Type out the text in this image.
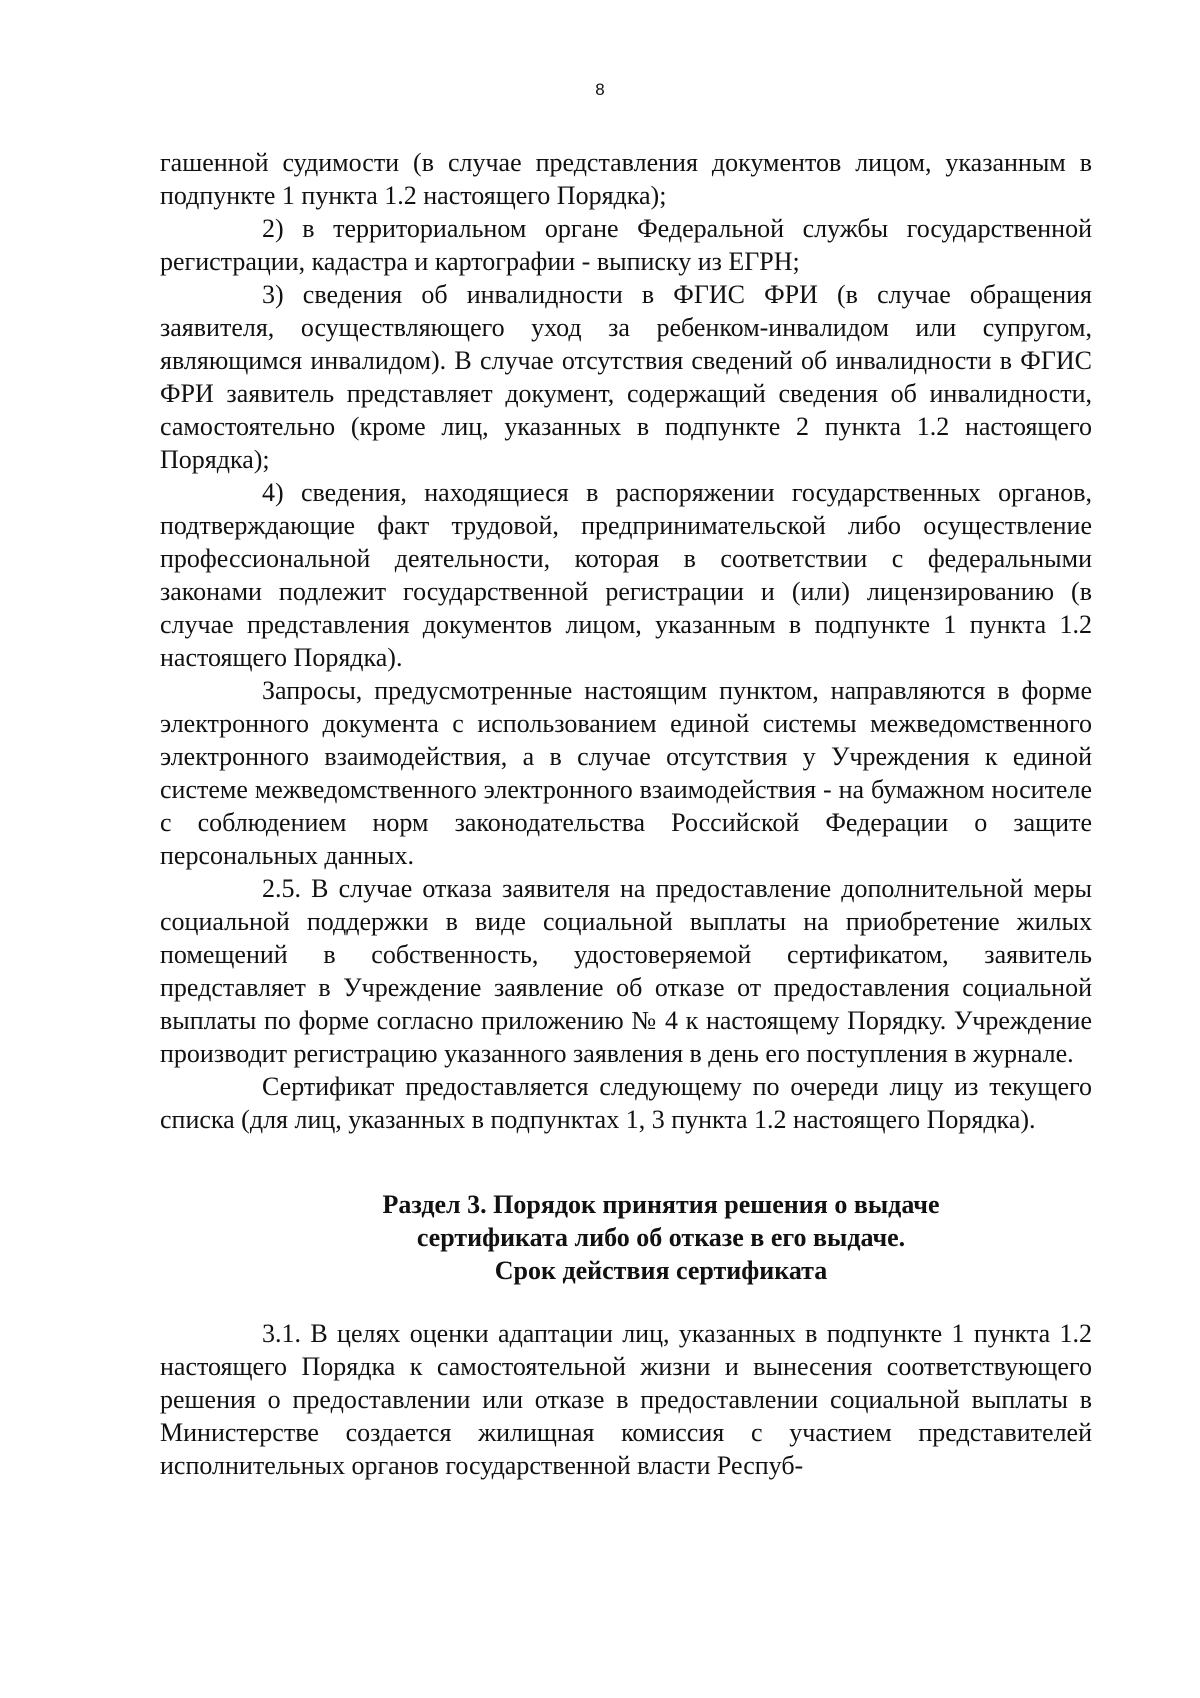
8

гашенной судимости (в случае представления документов лицом, указанным в подпункте 1 пункта 1.2 настоящего Порядка);

2) в территориальном органе Федеральной службы государственной регистрации, кадастра и картографии - выписку из ЕГРН;

3) сведения об инвалидности в ФГИС ФРИ (в случае обращения заявителя, осуществляющего уход за ребенком-инвалидом или супругом, являющимся инвалидом). В случае отсутствия сведений об инвалидности в ФГИС ФРИ заявитель представляет документ, содержащий сведения об инвалидности, самостоятельно (кроме лиц, указанных в подпункте 2 пункта 1.2 настоящего Порядка);

4) сведения, находящиеся в распоряжении государственных органов, подтверждающие факт трудовой, предпринимательской либо осуществление профессиональной деятельности, которая в соответствии с федеральными законами подлежит государственной регистрации и (или) лицензированию (в случае представления документов лицом, указанным в подпункте 1 пункта 1.2 настоящего Порядка).

Запросы, предусмотренные настоящим пунктом, направляются в форме электронного документа с использованием единой системы межведомственного электронного взаимодействия, а в случае отсутствия у Учреждения к единой системе межведомственного электронного взаимодействия - на бумажном носителе с соблюдением норм законодательства Российской Федерации о защите персональных данных.

2.5. В случае отказа заявителя на предоставление дополнительной меры социальной поддержки в виде социальной выплаты на приобретение жилых помещений в собственность, удостоверяемой сертификатом, заявитель представляет в Учреждение заявление об отказе от предоставления социальной выплаты по форме согласно приложению № 4 к настоящему Порядку. Учреждение производит регистрацию указанного заявления в день его поступления в журнале.

Сертификат предоставляется следующему по очереди лицу из текущего списка (для лиц, указанных в подпунктах 1, 3 пункта 1.2 настоящего Порядка).

Раздел 3. Порядок принятия решения о выдаче
сертификата либо об отказе в его выдаче.
Срок действия сертификата

3.1. В целях оценки адаптации лиц, указанных в подпункте 1 пункта 1.2 настоящего Порядка к самостоятельной жизни и вынесения соответствующего решения о предоставлении или отказе в предоставлении социальной выплаты в Министерстве создается жилищная комиссия с участием представителей исполнительных органов государственной власти Респуб-
